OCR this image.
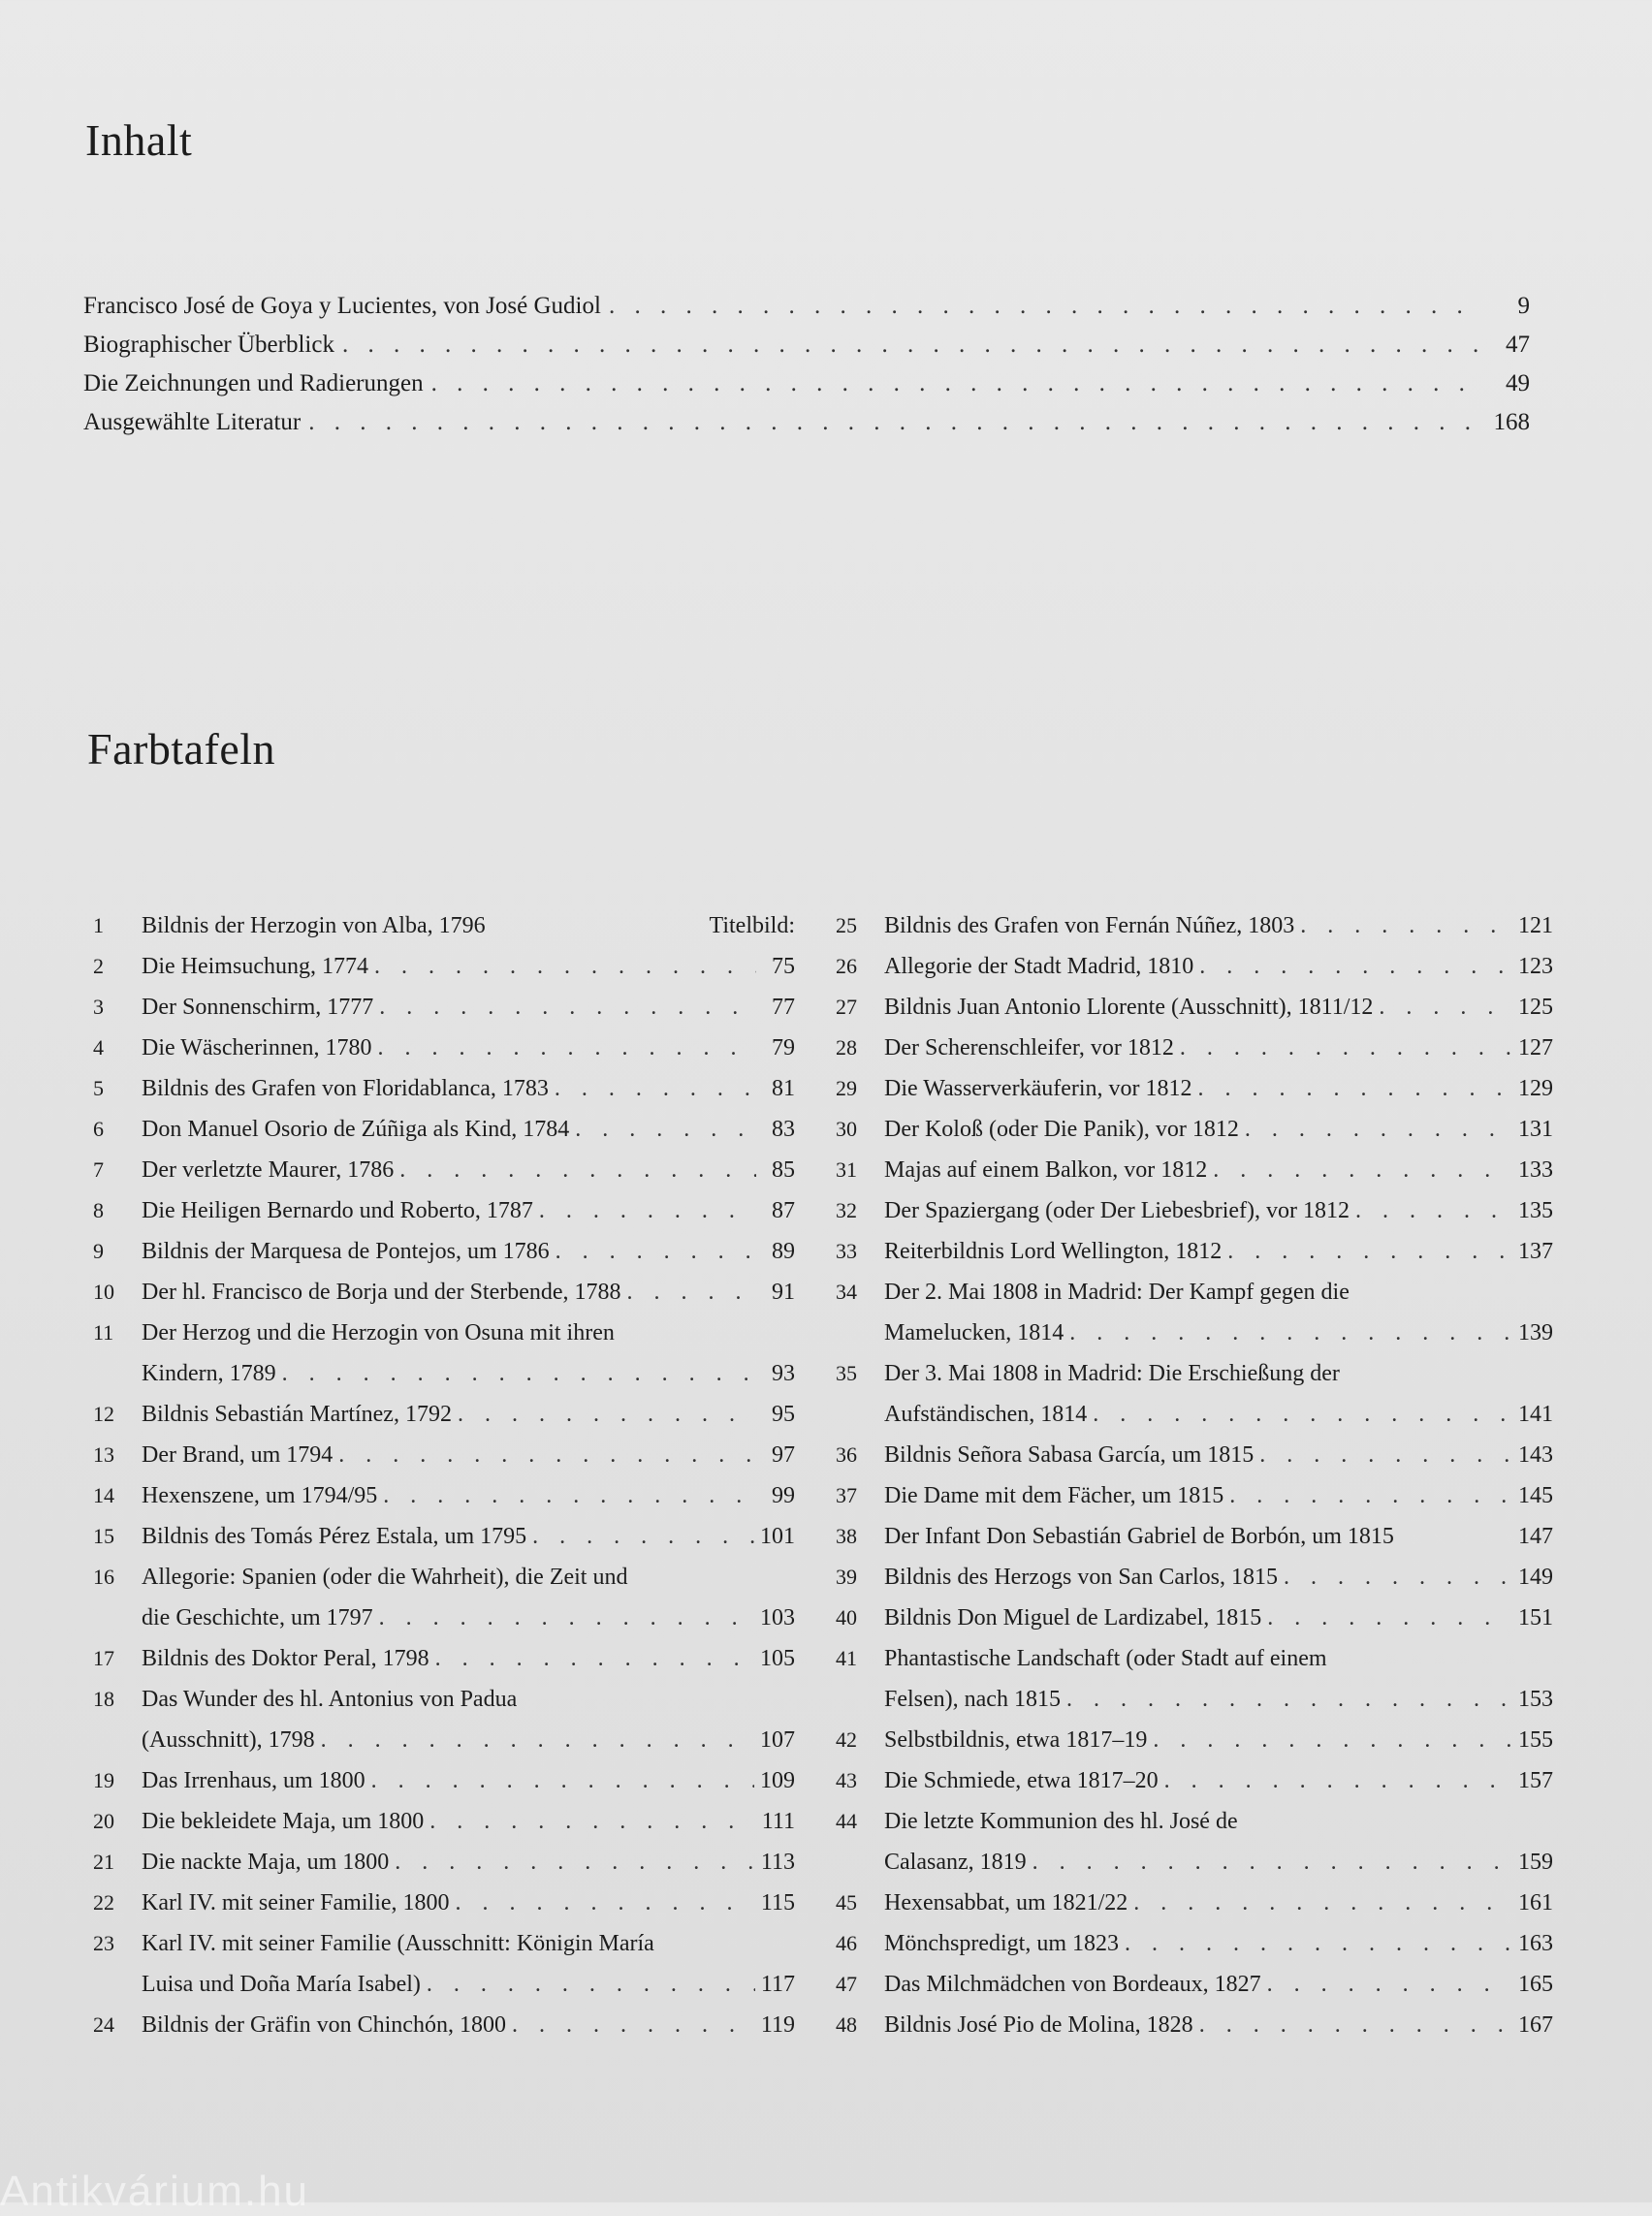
Inhalt
Francisco José de Goya y Lucientes, von José Gudiol . . .	9
Biographischer Überblick . . .	47
Die Zeichnungen und Radierungen . . .	49
Ausgewählte Literatur . . .	168
Farbtafeln
1	Bildnis der Herzogin von Alba, 1796	Titelbild:
2	Die Heimsuchung, 1774 . . .	75
3	Der Sonnenschirm, 1777 . . .	77
4	Die Wäscherinnen, 1780 . . .	79
5	Bildnis des Grafen von Floridablanca, 1783 . . .	81
6	Don Manuel Osorio de Zúñiga als Kind, 1784 . . .	83
7	Der verletzte Maurer, 1786 . . .	85
8	Die Heiligen Bernardo und Roberto, 1787 . . .	87
9	Bildnis der Marquesa de Pontejos, um 1786 . . .	89
10	Der hl. Francisco de Borja und der Sterbende, 1788 . . .	91
11	Der Herzog und die Herzogin von Osuna mit ihren
Kindern, 1789 . . .	93
12	Bildnis Sebastián Martínez, 1792 . . .	95
13	Der Brand, um 1794 . . .	97
14	Hexenszene, um 1794/95 . . .	99
15	Bildnis des Tomás Pérez Estala, um 1795 . . .	101
16	Allegorie: Spanien (oder die Wahrheit), die Zeit und
die Geschichte, um 1797 . . .	103
17	Bildnis des Doktor Peral, 1798 . . .	105
18	Das Wunder des hl. Antonius von Padua
(Ausschnitt), 1798 . . .	107
19	Das Irrenhaus, um 1800 . . .	109
20	Die bekleidete Maja, um 1800 . . .	111
21	Die nackte Maja, um 1800 . . .	113
22	Karl IV. mit seiner Familie, 1800 . . .	115
23	Karl IV. mit seiner Familie (Ausschnitt: Königin María
Luisa und Doña María Isabel) . . .	117
24	Bildnis der Gräfin von Chinchón, 1800 . . .	119
25	Bildnis des Grafen von Fernán Núñez, 1803 . . .	121
26	Allegorie der Stadt Madrid, 1810 . . .	123
27	Bildnis Juan Antonio Llorente (Ausschnitt), 1811/12 . . .	125
28	Der Scherenschleifer, vor 1812 . . .	127
29	Die Wasserverkäuferin, vor 1812 . . .	129
30	Der Koloß (oder Die Panik), vor 1812 . . .	131
31	Majas auf einem Balkon, vor 1812 . . .	133
32	Der Spaziergang (oder Der Liebesbrief), vor 1812 . . .	135
33	Reiterbildnis Lord Wellington, 1812 . . .	137
34	Der 2. Mai 1808 in Madrid: Der Kampf gegen die
Mamelucken, 1814 . . .	139
35	Der 3. Mai 1808 in Madrid: Die Erschießung der
Aufständischen, 1814 . . .	141
36	Bildnis Señora Sabasa García, um 1815 . . .	143
37	Die Dame mit dem Fächer, um 1815 . . .	145
38	Der Infant Don Sebastián Gabriel de Borbón, um 1815	147
39	Bildnis des Herzogs von San Carlos, 1815 . . .	149
40	Bildnis Don Miguel de Lardizabel, 1815 . . .	151
41	Phantastische Landschaft (oder Stadt auf einem
Felsen), nach 1815 . . .	153
42	Selbstbildnis, etwa 1817–19 . . .	155
43	Die Schmiede, etwa 1817–20 . . .	157
44	Die letzte Kommunion des hl. José de
Calasanz, 1819 . . .	159
45	Hexensabbat, um 1821/22 . . .	161
46	Mönchspredigt, um 1823 . . .	163
47	Das Milchmädchen von Bordeaux, 1827 . . .	165
48	Bildnis José Pio de Molina, 1828 . . .	167
Antikvárium.hu
